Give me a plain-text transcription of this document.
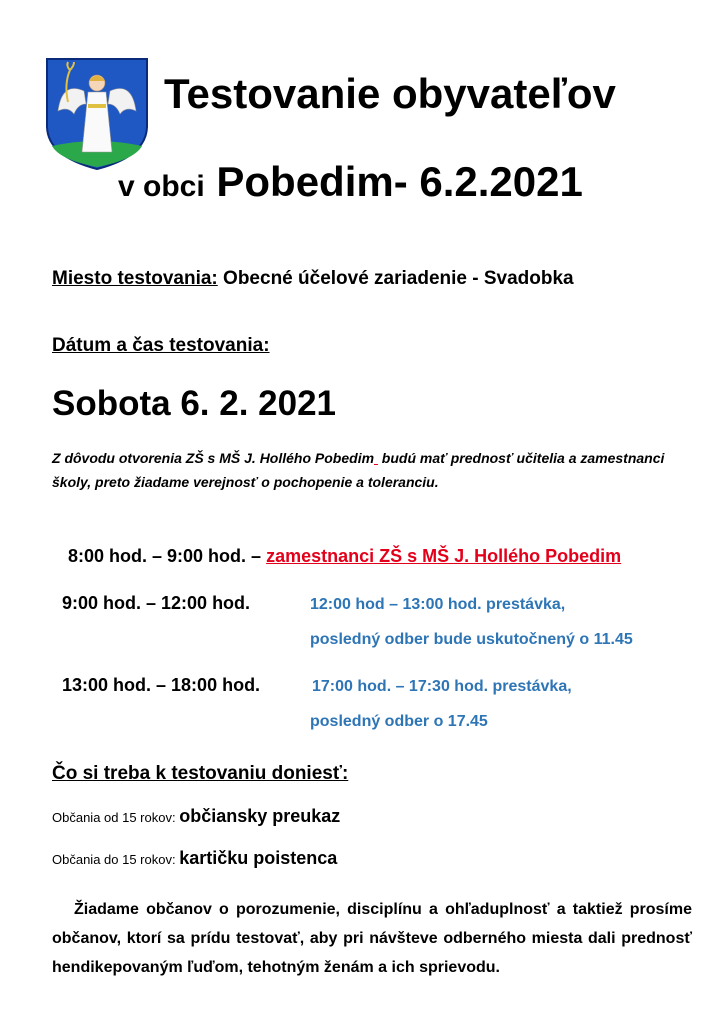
Testovanie obyvateľov
v obci Pobedim- 6.2.2021
Miesto testovania: Obecné účelové zariadenie - Svadobka
Dátum a čas testovania:
Sobota 6. 2. 2021
Z dôvodu otvorenia ZŠ s MŠ J. Hollého Pobedim  budú mať prednosť učitelia a zamestnanci školy, preto žiadame verejnosť o pochopenie a toleranciu.
8:00 hod. – 9:00 hod. – zamestnanci ZŠ s MŠ J. Hollého Pobedim
9:00 hod. – 12:00 hod.	12:00 hod – 13:00 hod. prestávka,
posledný odber bude uskutočnený o 11.45
13:00 hod. – 18:00 hod.	17:00 hod. – 17:30 hod. prestávka,
posledný odber o 17.45
Čo si treba k testovaniu doniesť:
Občania od 15 rokov: občiansky preukaz
Občania do 15 rokov: kartičku poistenca
Žiadame občanov o porozumenie, disciplínu a ohľaduplnosť a taktiež prosíme občanov, ktorí sa prídu testovať, aby pri návšteve odberného miesta dali prednosť hendikepovaným ľuďom, tehotným ženám a ich sprievodu.
